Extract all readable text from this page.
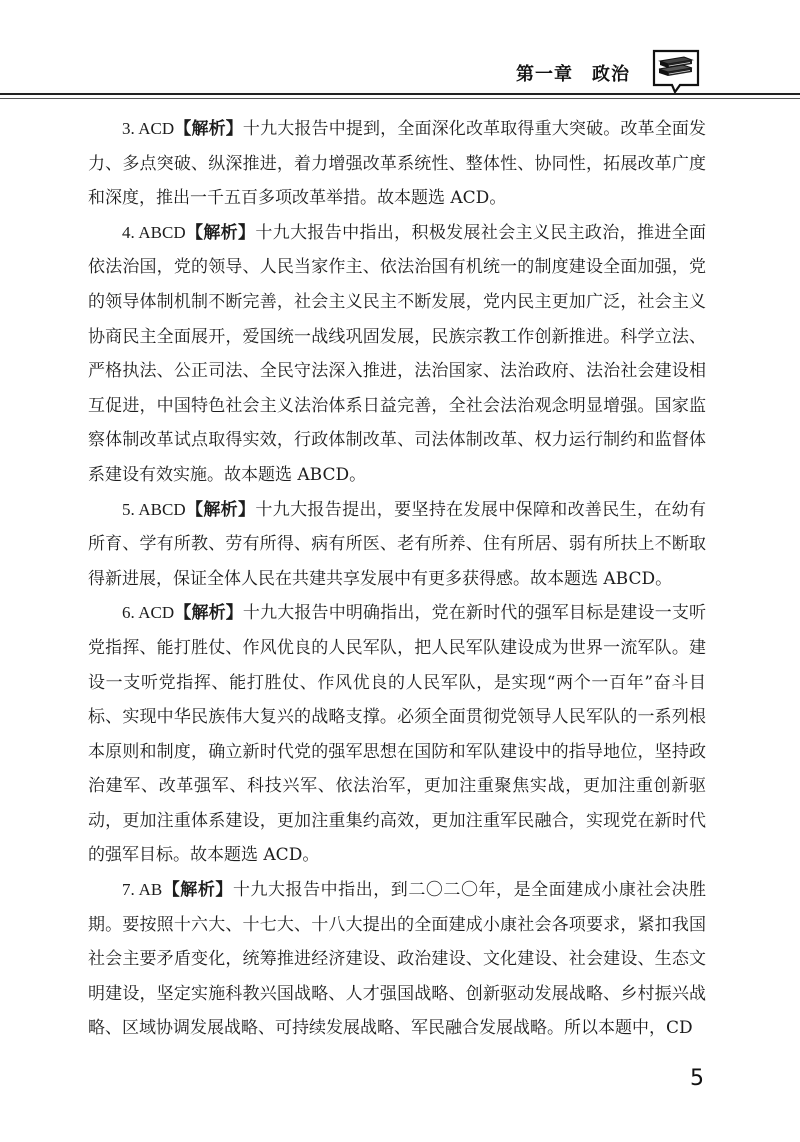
第一章　政治

3. ACD【解析】十九大报告中提到，全面深化改革取得重大突破。改革全面发力、多点突破、纵深推进，着力增强改革系统性、整体性、协同性，拓展改革广度和深度，推出一千五百多项改革举措。故本题选 ACD。

4. ABCD【解析】十九大报告中指出，积极发展社会主义民主政治，推进全面依法治国，党的领导、人民当家作主、依法治国有机统一的制度建设全面加强，党的领导体制机制不断完善，社会主义民主不断发展，党内民主更加广泛，社会主义协商民主全面展开，爱国统一战线巩固发展，民族宗教工作创新推进。科学立法、严格执法、公正司法、全民守法深入推进，法治国家、法治政府、法治社会建设相互促进，中国特色社会主义法治体系日益完善，全社会法治观念明显增强。国家监察体制改革试点取得实效，行政体制改革、司法体制改革、权力运行制约和监督体系建设有效实施。故本题选 ABCD。

5. ABCD【解析】十九大报告提出，要坚持在发展中保障和改善民生，在幼有所育、学有所教、劳有所得、病有所医、老有所养、住有所居、弱有所扶上不断取得新进展，保证全体人民在共建共享发展中有更多获得感。故本题选 ABCD。

6. ACD【解析】十九大报告中明确指出，党在新时代的强军目标是建设一支听党指挥、能打胜仗、作风优良的人民军队，把人民军队建设成为世界一流军队。建设一支听党指挥、能打胜仗、作风优良的人民军队，是实现“两个一百年”奋斗目标、实现中华民族伟大复兴的战略支撑。必须全面贯彻党领导人民军队的一系列根本原则和制度，确立新时代党的强军思想在国防和军队建设中的指导地位，坚持政治建军、改革强军、科技兴军、依法治军，更加注重聚焦实战，更加注重创新驱动，更加注重体系建设，更加注重集约高效，更加注重军民融合，实现党在新时代的强军目标。故本题选 ACD。

7. AB【解析】十九大报告中指出，到二〇二〇年，是全面建成小康社会决胜期。要按照十六大、十七大、十八大提出的全面建成小康社会各项要求，紧扣我国社会主要矛盾变化，统筹推进经济建设、政治建设、文化建设、社会建设、生态文明建设，坚定实施科教兴国战略、人才强国战略、创新驱动发展战略、乡村振兴战略、区域协调发展战略、可持续发展战略、军民融合发展战略。所以本题中，CD

5
